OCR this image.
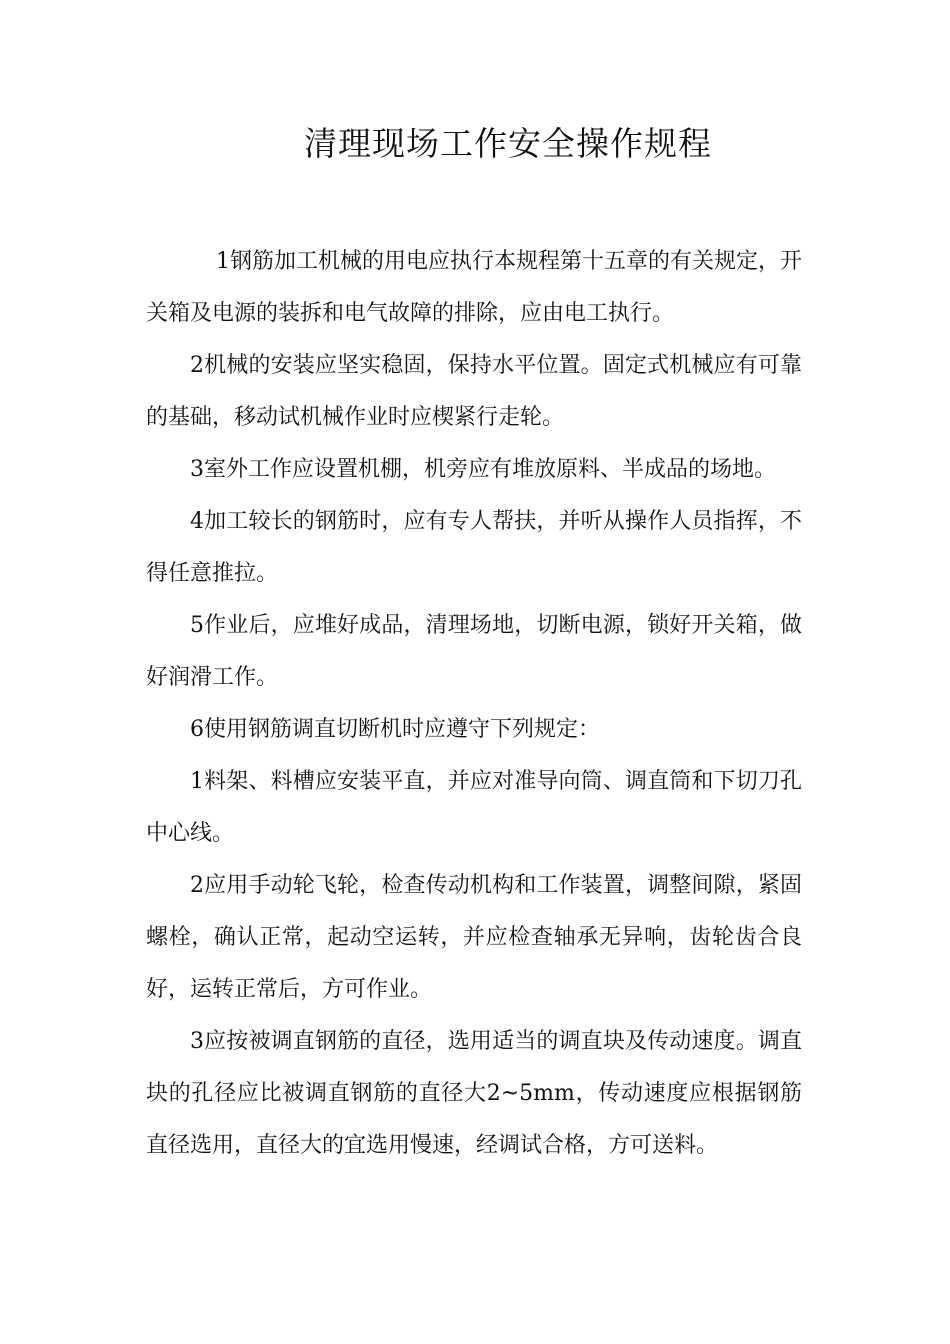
清理现场工作安全操作规程

1钢筋加工机械的用电应执行本规程第十五章的有关规定，开关箱及电源的装拆和电气故障的排除，应由电工执行。

2机械的安装应坚实稳固，保持水平位置。固定式机械应有可靠的基础，移动试机械作业时应楔紧行走轮。

3室外工作应设置机棚，机旁应有堆放原料、半成品的场地。

4加工较长的钢筋时，应有专人帮扶，并听从操作人员指挥，不得任意推拉。

5作业后，应堆好成品，清理场地，切断电源，锁好开关箱，做好润滑工作。

6使用钢筋调直切断机时应遵守下列规定：

1料架、料槽应安装平直，并应对准导向筒、调直筒和下切刀孔中心线。

2应用手动轮飞轮，检查传动机构和工作装置，调整间隙，紧固螺栓，确认正常，起动空运转，并应检查轴承无异响，齿轮齿合良好，运转正常后，方可作业。

3应按被调直钢筋的直径，选用适当的调直块及传动速度。调直块的孔径应比被调直钢筋的直径大2~5mm，传动速度应根据钢筋直径选用，直径大的宜选用慢速，经调试合格，方可送料。
